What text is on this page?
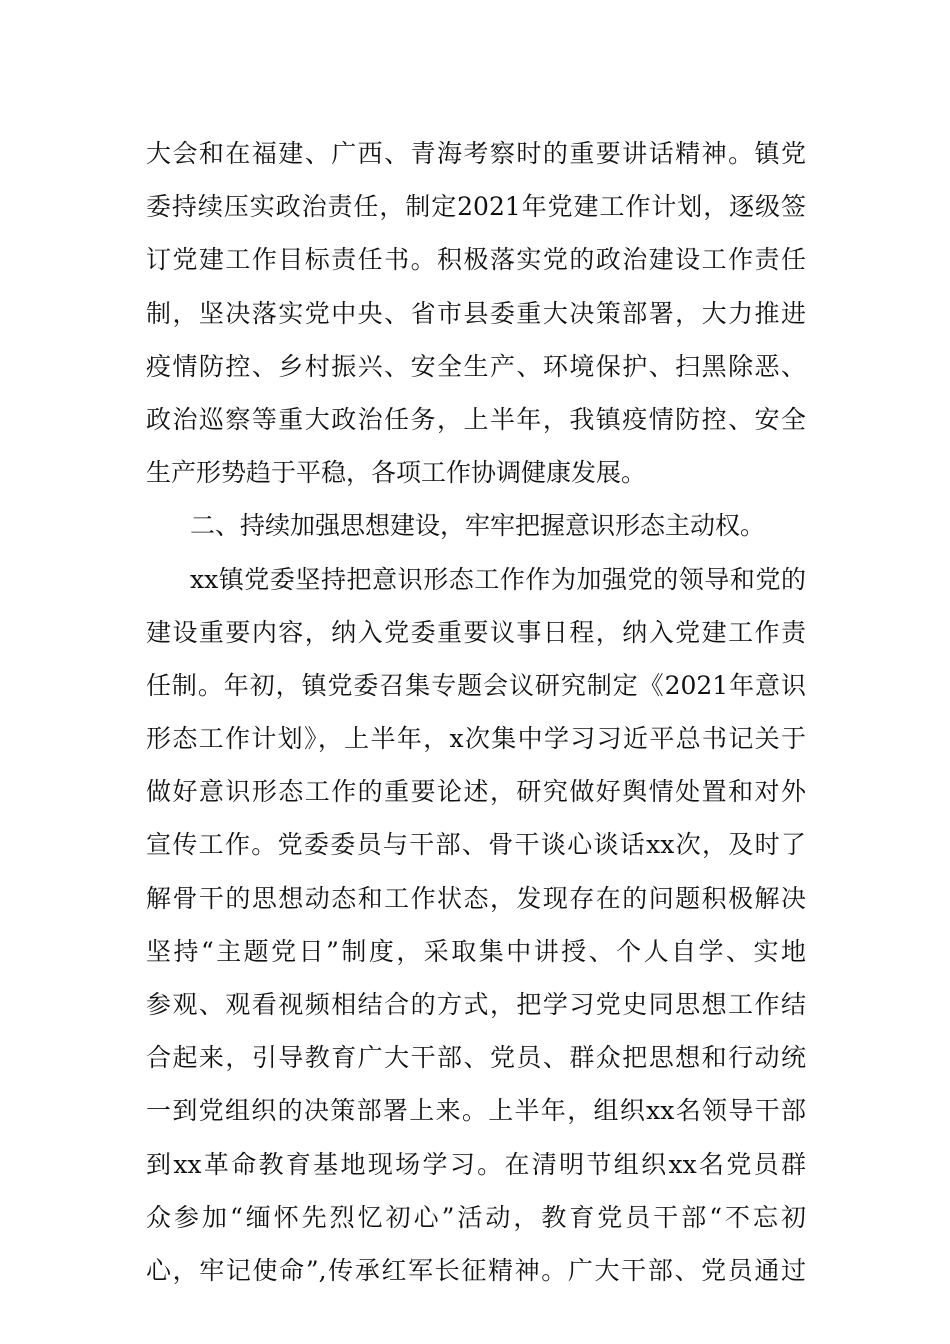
大会和在福建、广西、青海考察时的重要讲话精神。镇党
委持续压实政治责任，制定2021年党建工作计划，逐级签
订党建工作目标责任书。积极落实党的政治建设工作责任
制，坚决落实党中央、省市县委重大决策部署，大力推进
疫情防控、乡村振兴、安全生产、环境保护、扫黑除恶、
政治巡察等重大政治任务，上半年，我镇疫情防控、安全
生产形势趋于平稳，各项工作协调健康发展。
二、持续加强思想建设，牢牢把握意识形态主动权。
xx镇党委坚持把意识形态工作作为加强党的领导和党的
建设重要内容，纳入党委重要议事日程，纳入党建工作责
任制。年初，镇党委召集专题会议研究制定《2021年意识
形态工作计划》，上半年，x次集中学习习近平总书记关于
做好意识形态工作的重要论述，研究做好舆情处置和对外
宣传工作。党委委员与干部、骨干谈心谈话xx次，及时了
解骨干的思想动态和工作状态，发现存在的问题积极解决
坚持“主题党日”制度，采取集中讲授、个人自学、实地
参观、观看视频相结合的方式，把学习党史同思想工作结
合起来，引导教育广大干部、党员、群众把思想和行动统
一到党组织的决策部署上来。上半年，组织xx名领导干部
到xx革命教育基地现场学习。在清明节组织xx名党员群
众参加“缅怀先烈忆初心”活动，教育党员干部“不忘初
心，牢记使命”,传承红军长征精神。广大干部、党员通过
